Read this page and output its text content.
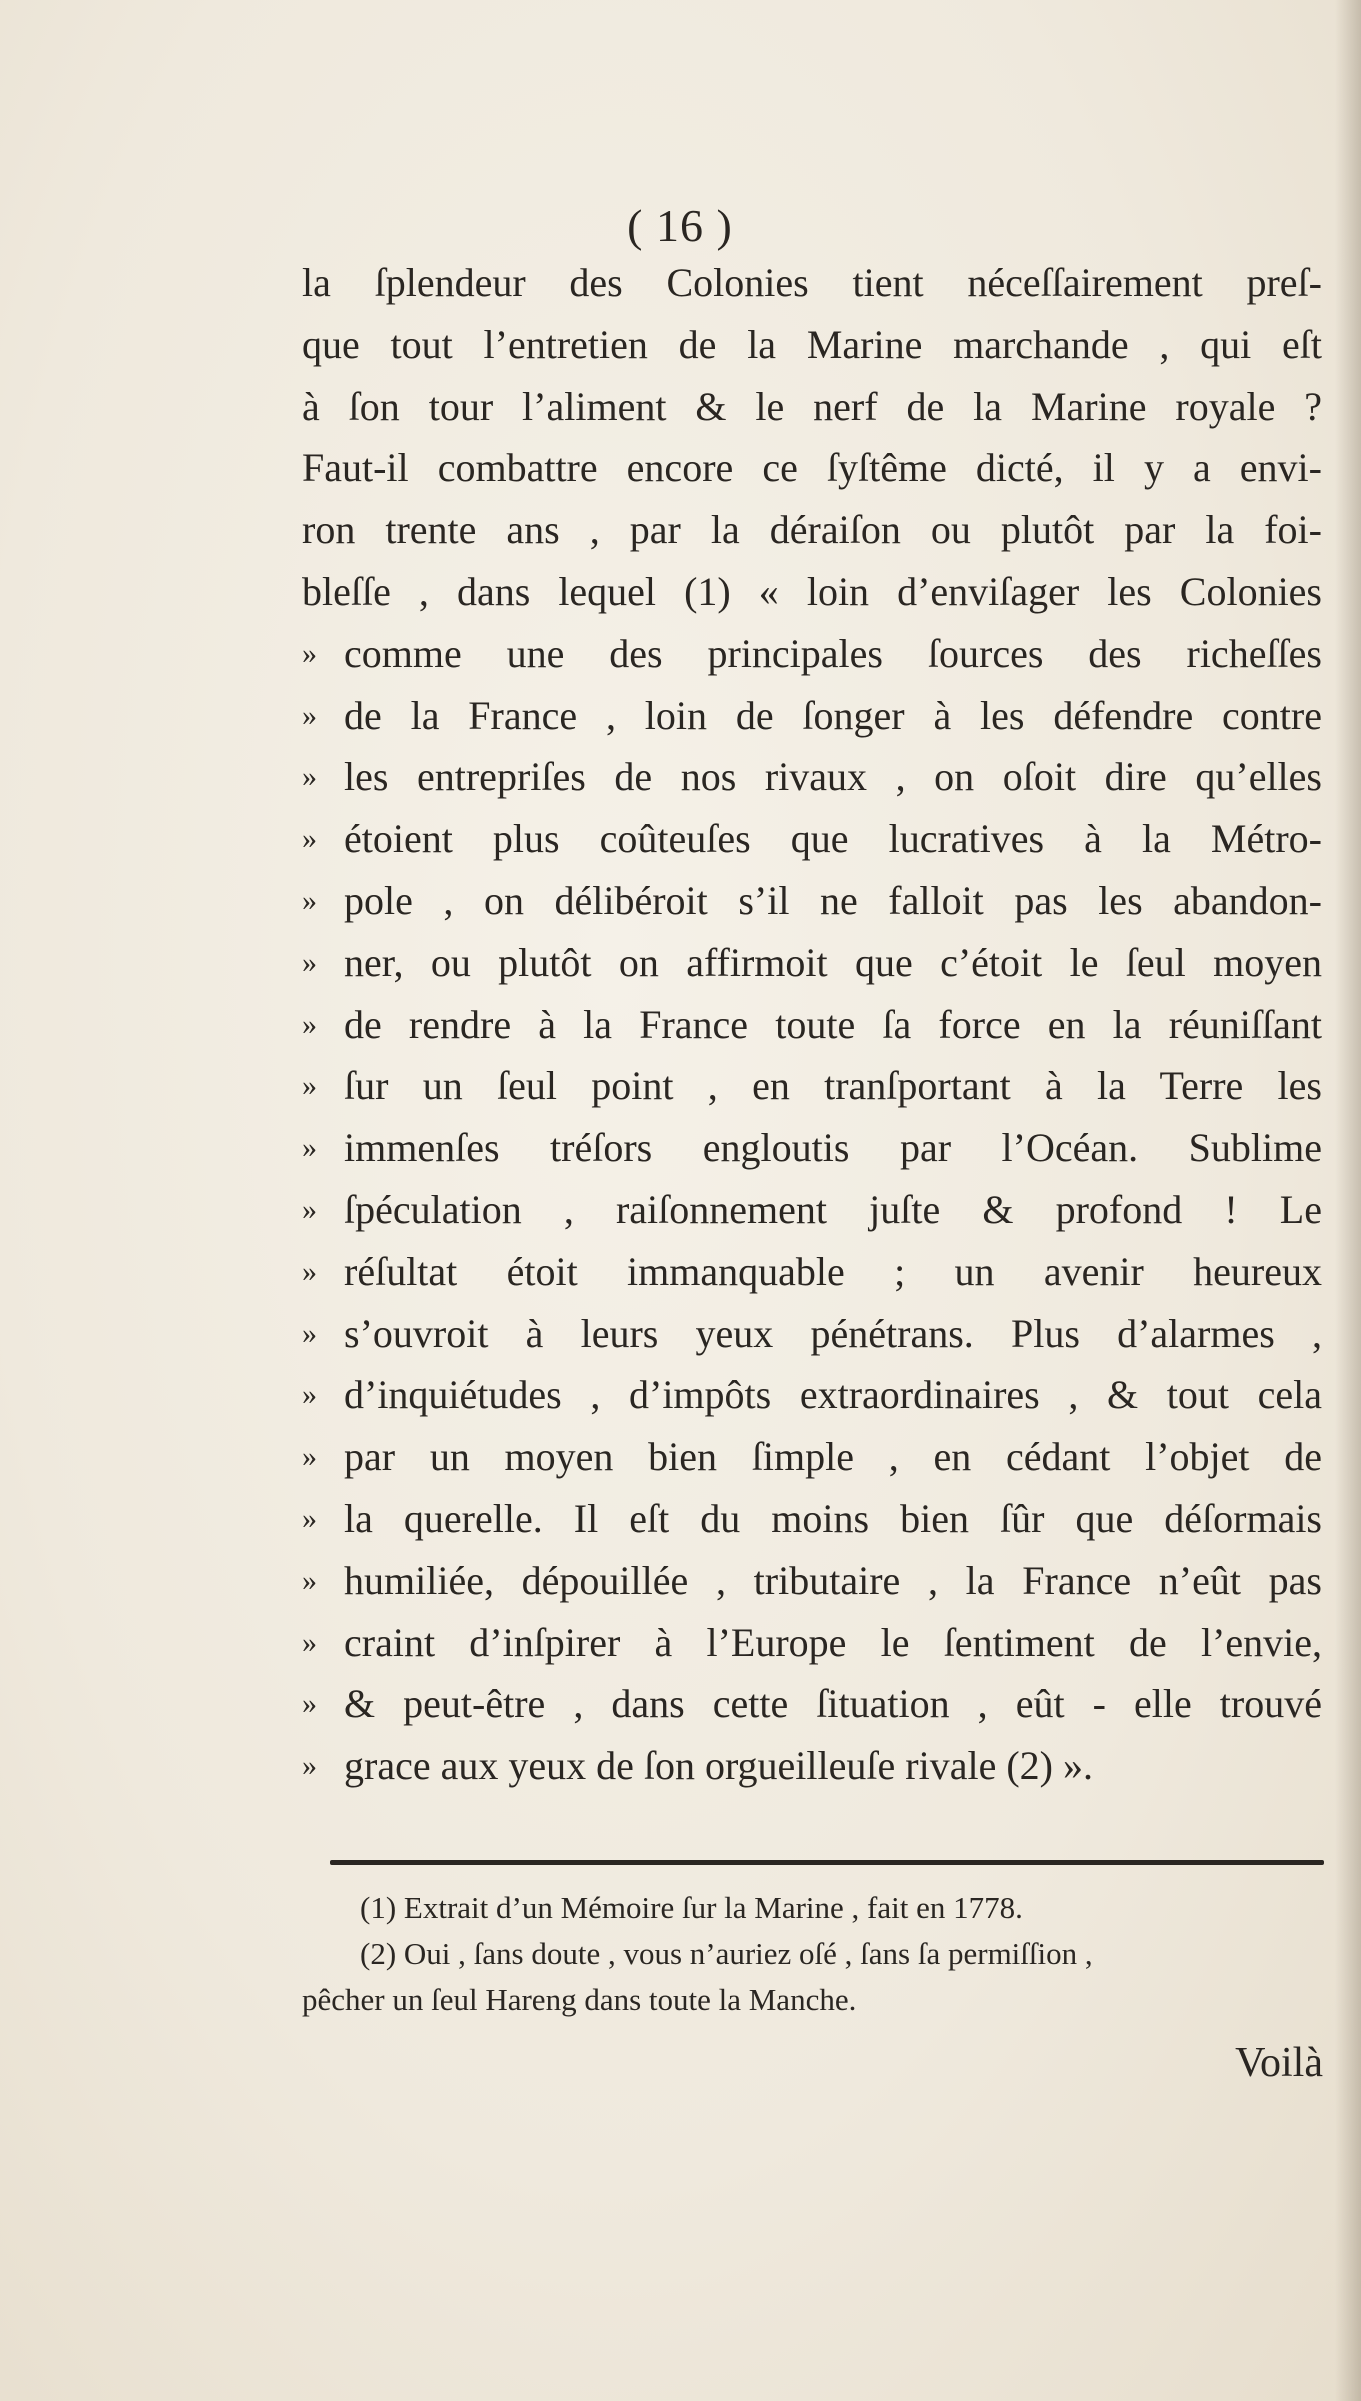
( 16 )
la ſplendeur des Colonies tient néceſſairement preſ-
que tout l’entretien de la Marine marchande , qui eſt
à ſon tour l’aliment & le nerf de la Marine royale ?
Faut-il combattre encore ce ſyſtême dicté, il y a envi-
ron trente ans , par la déraiſon ou plutôt par la foi-
bleſſe , dans lequel (1) « loin d’enviſager les Colonies
» comme une des principales ſources des richeſſes
» de la France , loin de ſonger à les défendre contre
» les entrepriſes de nos rivaux , on oſoit dire qu’elles
» étoient plus coûteuſes que lucratives à la Métro-
» pole , on délibéroit s’il ne falloit pas les abandon-
» ner, ou plutôt on affirmoit que c’étoit le ſeul moyen
» de rendre à la France toute ſa force en la réuniſſant
» ſur un ſeul point , en tranſportant à la Terre les
» immenſes tréſors engloutis par l’Océan. Sublime
» ſpéculation , raiſonnement juſte & profond ! Le
» réſultat étoit immanquable ; un avenir heureux
» s’ouvroit à leurs yeux pénétrans. Plus d’alarmes ,
» d’inquiétudes , d’impôts extraordinaires , & tout cela
» par un moyen bien ſimple , en cédant l’objet de
» la querelle. Il eſt du moins bien ſûr que déſormais
» humiliée, dépouillée , tributaire , la France n’eût pas
» craint d’inſpirer à l’Europe le ſentiment de l’envie,
» & peut-être , dans cette ſituation , eût - elle trouvé
» grace aux yeux de ſon orgueilleuſe rivale (2) ».
(1) Extrait d’un Mémoire ſur la Marine , fait en 1778.
(2) Oui , ſans doute , vous n’auriez oſé , ſans ſa permiſſion ,
pêcher un ſeul Hareng dans toute la Manche.
Voilà
